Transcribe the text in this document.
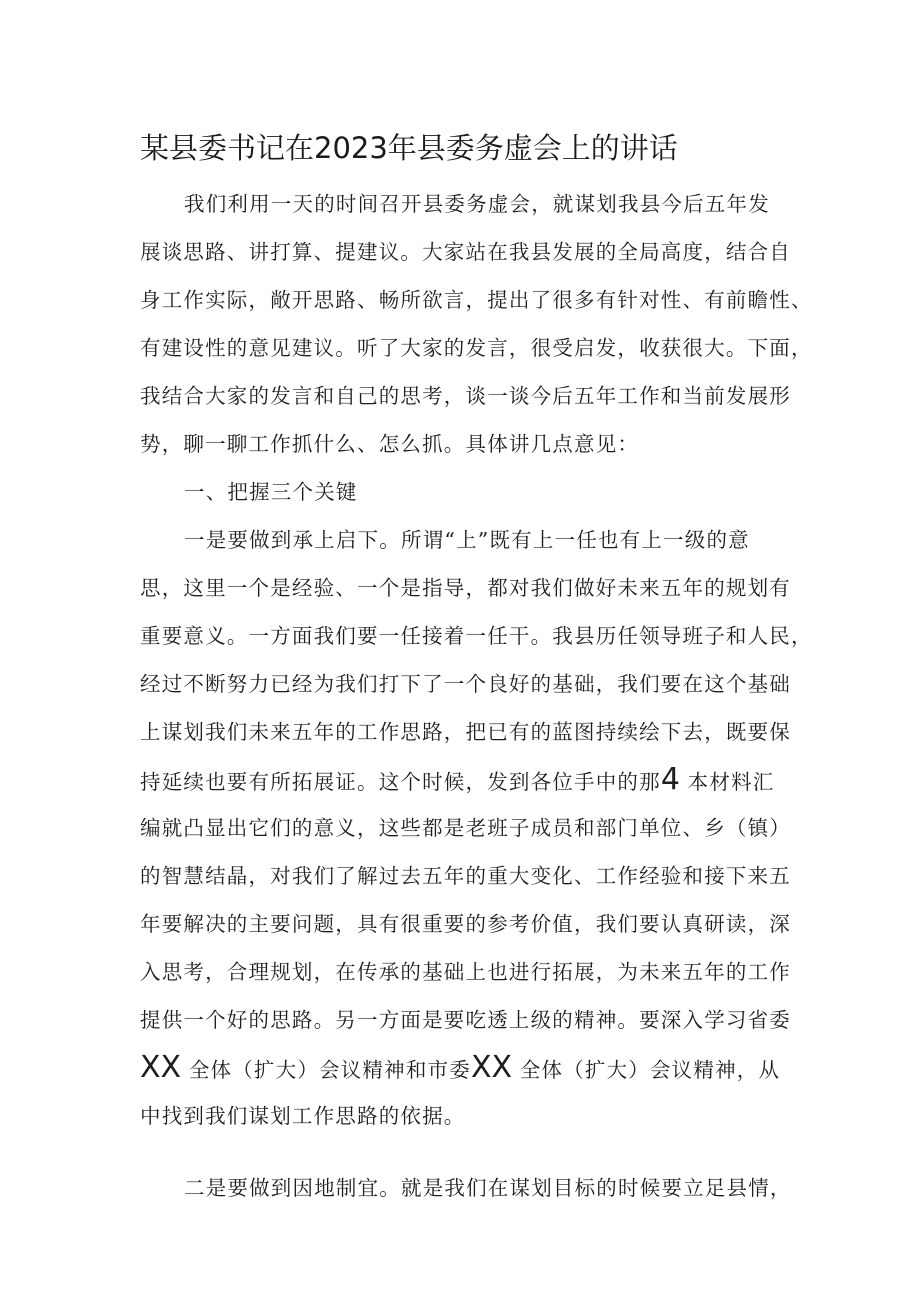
某县委书记在2023年县委务虚会上的讲话
我们利用一天的时间召开县委务虚会，就谋划我县今后五年发
展谈思路、讲打算、提建议。大家站在我县发展的全局高度，结合自
身工作实际，敞开思路、畅所欲言，提出了很多有针对性、有前瞻性、
有建设性的意见建议。听了大家的发言，很受启发，收获很大。下面，
我结合大家的发言和自己的思考，谈一谈今后五年工作和当前发展形
势，聊一聊工作抓什么、怎么抓。具体讲几点意见：
一、把握三个关键
一是要做到承上启下。所谓“上”既有上一任也有上一级的意
思，这里一个是经验、一个是指导，都对我们做好未来五年的规划有
重要意义。一方面我们要一任接着一任干。我县历任领导班子和人民，
经过不断努力已经为我们打下了一个良好的基础，我们要在这个基础
上谋划我们未来五年的工作思路，把已有的蓝图持续绘下去，既要保
持延续也要有所拓展证。这个时候，发到各位手中的那4 本材料汇
编就凸显出它们的意义，这些都是老班子成员和部门单位、乡（镇）
的智慧结晶，对我们了解过去五年的重大变化、工作经验和接下来五
年要解决的主要问题，具有很重要的参考价值，我们要认真研读，深
入思考，合理规划，在传承的基础上也进行拓展，为未来五年的工作
提供一个好的思路。另一方面是要吃透上级的精神。要深入学习省委
XX 全体（扩大）会议精神和市委XX 全体（扩大）会议精神，从
中找到我们谋划工作思路的依据。
二是要做到因地制宜。就是我们在谋划目标的时候要立足县情，
